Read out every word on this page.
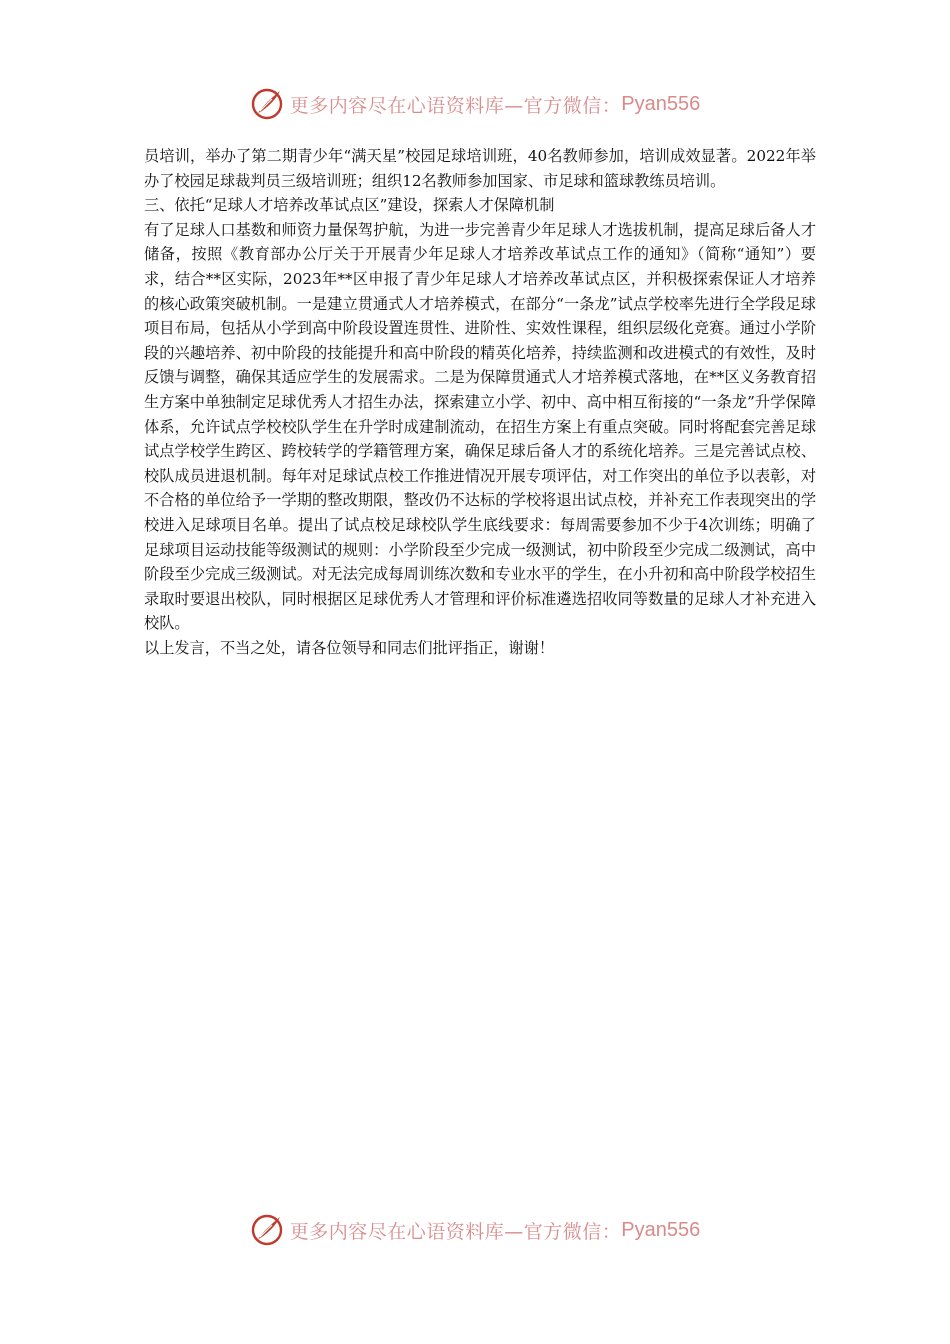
更多内容尽在心语资料库—官方微信： Pyan556

员培训，举办了第二期青少年“满天星”校园足球培训班，40名教师参加，培训成效显著。2022年举办了校园足球裁判员三级培训班；组织12名教师参加国家、市足球和篮球教练员培训。

三、依托“足球人才培养改革试点区”建设，探索人才保障机制

有了足球人口基数和师资力量保驾护航，为进一步完善青少年足球人才选拔机制，提高足球后备人才储备，按照《教育部办公厅关于开展青少年足球人才培养改革试点工作的通知》（简称“通知”）要求，结合**区实际，2023年**区申报了青少年足球人才培养改革试点区，并积极探索保证人才培养的核心政策突破机制。一是建立贯通式人才培养模式，在部分“一条龙”试点学校率先进行全学段足球项目布局，包括从小学到高中阶段设置连贯性、进阶性、实效性课程，组织层级化竞赛。通过小学阶段的兴趣培养、初中阶段的技能提升和高中阶段的精英化培养，持续监测和改进模式的有效性，及时反馈与调整，确保其适应学生的发展需求。二是为保障贯通式人才培养模式落地，在**区义务教育招生方案中单独制定足球优秀人才招生办法，探索建立小学、初中、高中相互衔接的“一条龙”升学保障体系，允许试点学校校队学生在升学时成建制流动，在招生方案上有重点突破。同时将配套完善足球试点学校学生跨区、跨校转学的学籍管理方案，确保足球后备人才的系统化培养。三是完善试点校、校队成员进退机制。每年对足球试点校工作推进情况开展专项评估，对工作突出的单位予以表彰，对不合格的单位给予一学期的整改期限，整改仍不达标的学校将退出试点校，并补充工作表现突出的学校进入足球项目名单。提出了试点校足球校队学生底线要求：每周需要参加不少于4次训练；明确了足球项目运动技能等级测试的规则：小学阶段至少完成一级测试，初中阶段至少完成二级测试，高中阶段至少完成三级测试。对无法完成每周训练次数和专业水平的学生，在小升初和高中阶段学校招生录取时要退出校队，同时根据区足球优秀人才管理和评价标准遴选招收同等数量的足球人才补充进入校队。

以上发言，不当之处，请各位领导和同志们批评指正，谢谢！

更多内容尽在心语资料库—官方微信： Pyan556
